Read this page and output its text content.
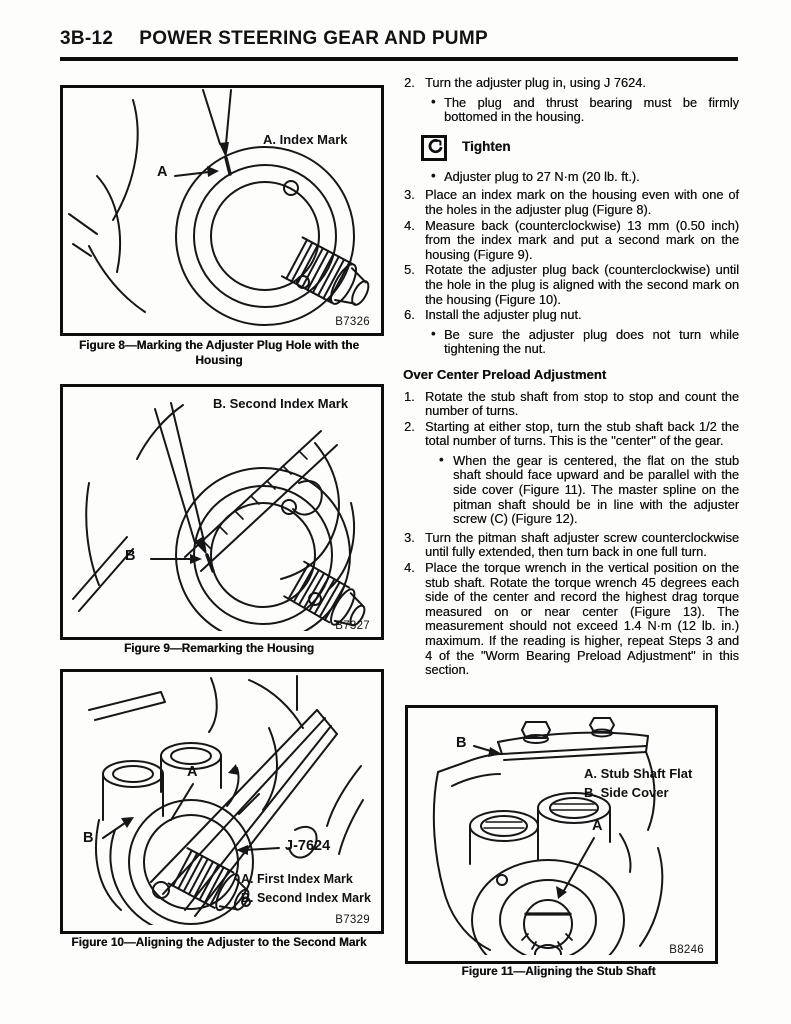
3B-12 POWER STEERING GEAR AND PUMP
A. Index Mark
A
B7326
Figure 8—Marking the Adjuster Plug Hole with the Housing
B. Second Index Mark
B
B7327
Figure 9—Remarking the Housing
A
B	J-7624
A. First Index Mark
B. Second Index Mark
B7329
Figure 10—Aligning the Adjuster to the Second Mark
2. Turn the adjuster plug in, using J 7624.
• The plug and thrust bearing must be firmly bottomed in the housing.
Tighten
• Adjuster plug to 27 N·m (20 lb. ft.).
3. Place an index mark on the housing even with one of the holes in the adjuster plug (Figure 8).
4. Measure back (counterclockwise) 13 mm (0.50 inch) from the index mark and put a second mark on the housing (Figure 9).
5. Rotate the adjuster plug back (counterclockwise) until the hole in the plug is aligned with the second mark on the housing (Figure 10).
6. Install the adjuster plug nut.
• Be sure the adjuster plug does not turn while tightening the nut.
Over Center Preload Adjustment
1. Rotate the stub shaft from stop to stop and count the number of turns.
2. Starting at either stop, turn the stub shaft back 1/2 the total number of turns. This is the "center" of the gear.
• When the gear is centered, the flat on the stub shaft should face upward and be parallel with the side cover (Figure 11). The master spline on the pitman shaft should be in line with the adjuster screw (C) (Figure 12).
3. Turn the pitman shaft adjuster screw counterclockwise until fully extended, then turn back in one full turn.
4. Place the torque wrench in the vertical position on the stub shaft. Rotate the torque wrench 45 degrees each side of the center and record the highest drag torque measured on or near center (Figure 13). The measurement should not exceed 1.4 N·m (12 lb. in.) maximum. If the reading is higher, repeat Steps 3 and 4 of the "Worm Bearing Preload Adjustment" in this section.
B
A. Stub Shaft Flat
B. Side Cover
A
B8246
Figure 11—Aligning the Stub Shaft
